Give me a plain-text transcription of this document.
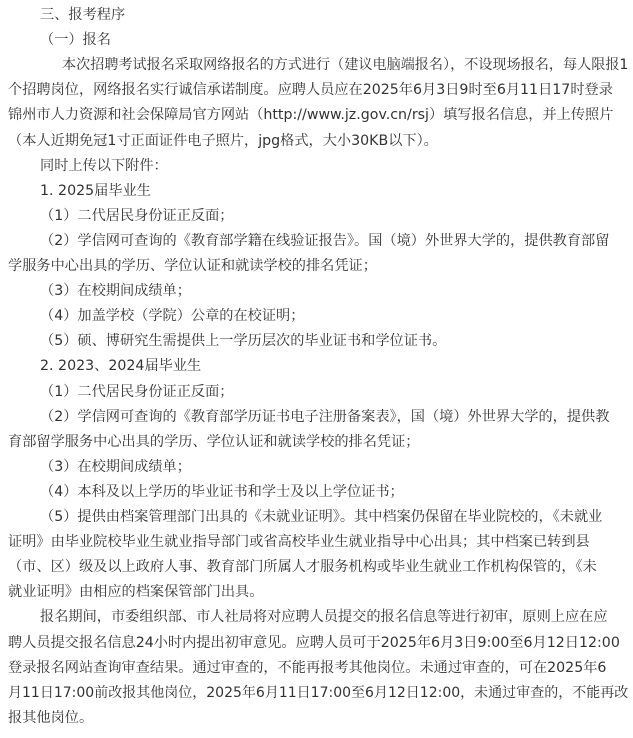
三、报考程序
（一）报名
本次招聘考试报名采取网络报名的方式进行（建议电脑端报名），不设现场报名，每人限报1
个招聘岗位，网络报名实行诚信承诺制度。应聘人员应在2025年6月3日9时至6月11日17时登录
锦州市人力资源和社会保障局官方网站（http://www.jz.gov.cn/rsj）填写报名信息，并上传照片
（本人近期免冠1寸正面证件电子照片，jpg格式，大小30KB以下）。
同时上传以下附件：
1. 2025届毕业生
（1）二代居民身份证正反面；
（2）学信网可查询的《教育部学籍在线验证报告》。国（境）外世界大学的，提供教育部留
学服务中心出具的学历、学位认证和就读学校的排名凭证；
（3）在校期间成绩单；
（4）加盖学校（学院）公章的在校证明；
（5）硕、博研究生需提供上一学历层次的毕业证书和学位证书。
2. 2023、2024届毕业生
（1）二代居民身份证正反面；
（2）学信网可查询的《教育部学历证书电子注册备案表》，国（境）外世界大学的，提供教
育部留学服务中心出具的学历、学位认证和就读学校的排名凭证；
（3）在校期间成绩单；
（4）本科及以上学历的毕业证书和学士及以上学位证书；
（5）提供由档案管理部门出具的《未就业证明》。其中档案仍保留在毕业院校的，《未就业
证明》由毕业院校毕业生就业指导部门或省高校毕业生就业指导中心出具；其中档案已转到县
（市、区）级及以上政府人事、教育部门所属人才服务机构或毕业生就业工作机构保管的，《未
就业证明》由相应的档案保管部门出具。
报名期间，市委组织部、市人社局将对应聘人员提交的报名信息等进行初审，原则上应在应
聘人员提交报名信息24小时内提出初审意见。应聘人员可于2025年6月3日9:00至6月12日12:00
登录报名网站查询审查结果。通过审查的，不能再报考其他岗位。未通过审查的，可在2025年6
月11日17:00前改报其他岗位，2025年6月11日17:00至6月12日12:00，未通过审查的，不能再改
报其他岗位。
